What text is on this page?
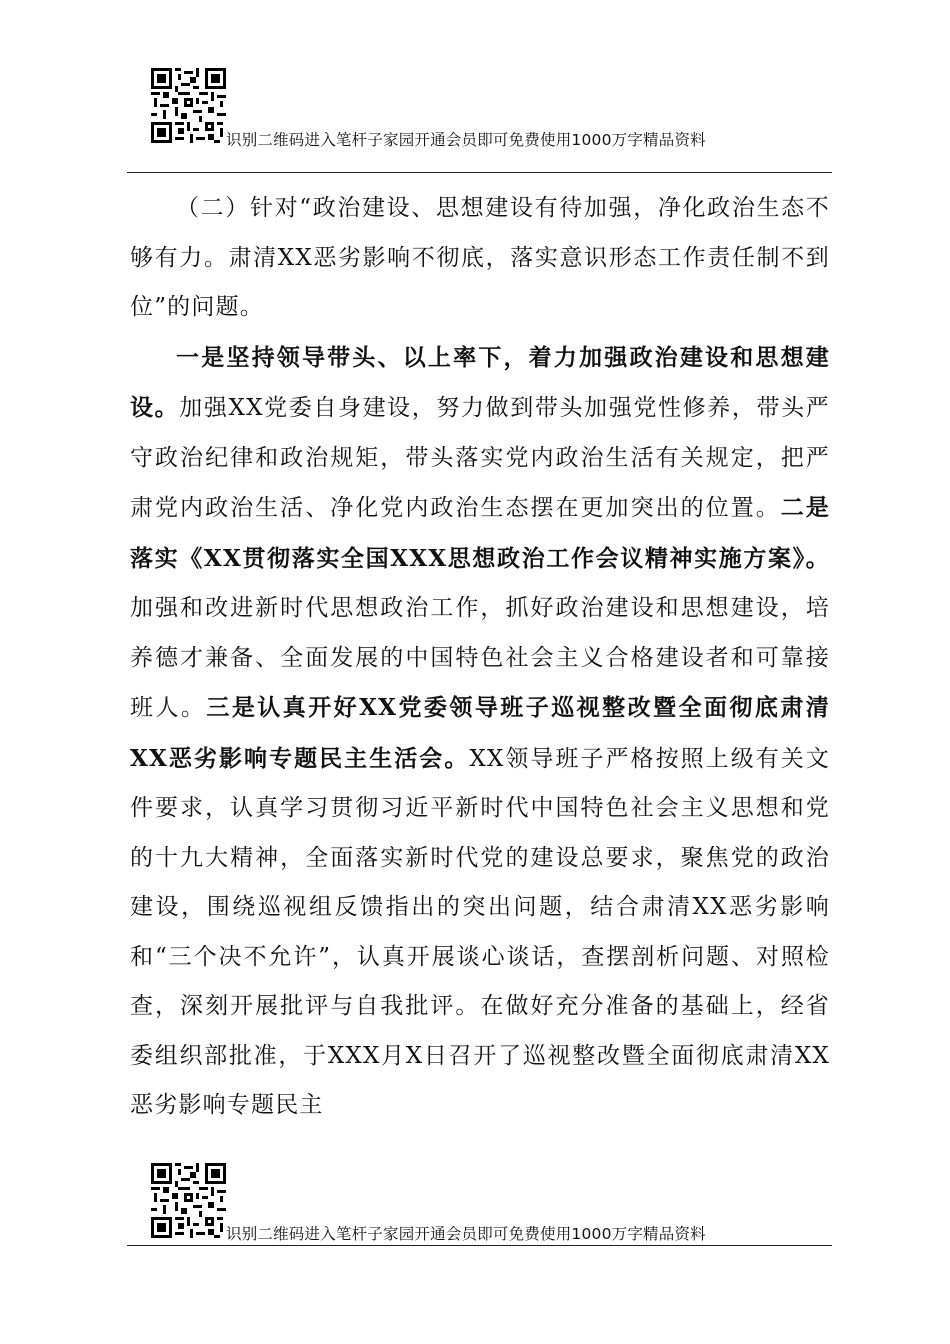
识别二维码进入笔杆子家园开通会员即可免费使用1000万字精品资料

（二）针对“政治建设、思想建设有待加强，净化政治生态不够有力。肃清XX恶劣影响不彻底，落实意识形态工作责任制不到位”的问题。

一是坚持领导带头、以上率下，着力加强政治建设和思想建设。加强XX党委自身建设，努力做到带头加强党性修养，带头严守政治纪律和政治规矩，带头落实党内政治生活有关规定，把严肃党内政治生活、净化党内政治生态摆在更加突出的位置。二是落实《XX贯彻落实全国XXX思想政治工作会议精神实施方案》。加强和改进新时代思想政治工作，抓好政治建设和思想建设，培养德才兼备、全面发展的中国特色社会主义合格建设者和可靠接班人。三是认真开好XX党委领导班子巡视整改暨全面彻底肃清XX恶劣影响专题民主生活会。XX领导班子严格按照上级有关文件要求，认真学习贯彻习近平新时代中国特色社会主义思想和党的十九大精神，全面落实新时代党的建设总要求，聚焦党的政治建设，围绕巡视组反馈指出的突出问题，结合肃清XX恶劣影响和“三个决不允许”，认真开展谈心谈话，查摆剖析问题、对照检查，深刻开展批评与自我批评。在做好充分准备的基础上，经省委组织部批准，于XXX月X日召开了巡视整改暨全面彻底肃清XX恶劣影响专题民主

识别二维码进入笔杆子家园开通会员即可免费使用1000万字精品资料
